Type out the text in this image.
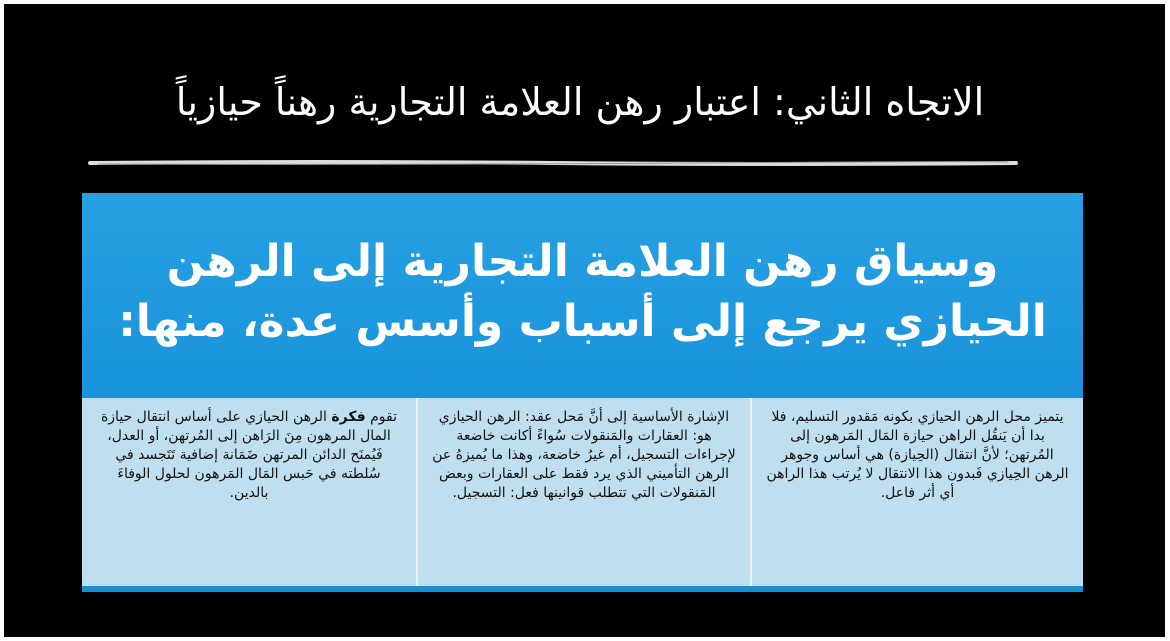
الاتجاه الثاني: اعتبار رهن العلامة التجارية رهناً حيازياً
وسياق رهن العلامة التجارية إلى الرهن الحيازي يرجع إلى أسباب وأسس عدة، منها:
يتميز محل الرهن الحيازي بكونه مَقدور التسليم، فلا بدا أن يَنقُل الراهن حيازة المَال المَرهون إلى المُرتهن؛ لأنَّ انتقال (الحِيازة) هي أساس وجوهر الرهن الحِيازي فَبدون هذا الانتقال لا يُرتب هذا الراهن أي أثر فاعل.
الإشارة الأساسية إلى أنَّ مَحل عقد: الرهن الحيازي هو: العقارات والمَنقولات سُواءً أكانت خاضعة لإجراءات التسجيل، أم غيرُ خاضعة، وهذا ما يُميزهُ عن الرهن التأميني الذي يرد فقط على العقارات وبعض المَنقولات التي تتطلب قوانينها فعل: التسجيل.
تقوم فكرة الرهن الحيازي على أساس انتقال حيازة المال المرهون مِنَ الرَاهن إلى المُرتهن، أو العدل، فَيُمنَح الدائن المرتهن ضَمَانة إضافية تَتَجسد في سُلطته في حَبس المَال المَرهون لحلول الوفاءَ بالدين.
